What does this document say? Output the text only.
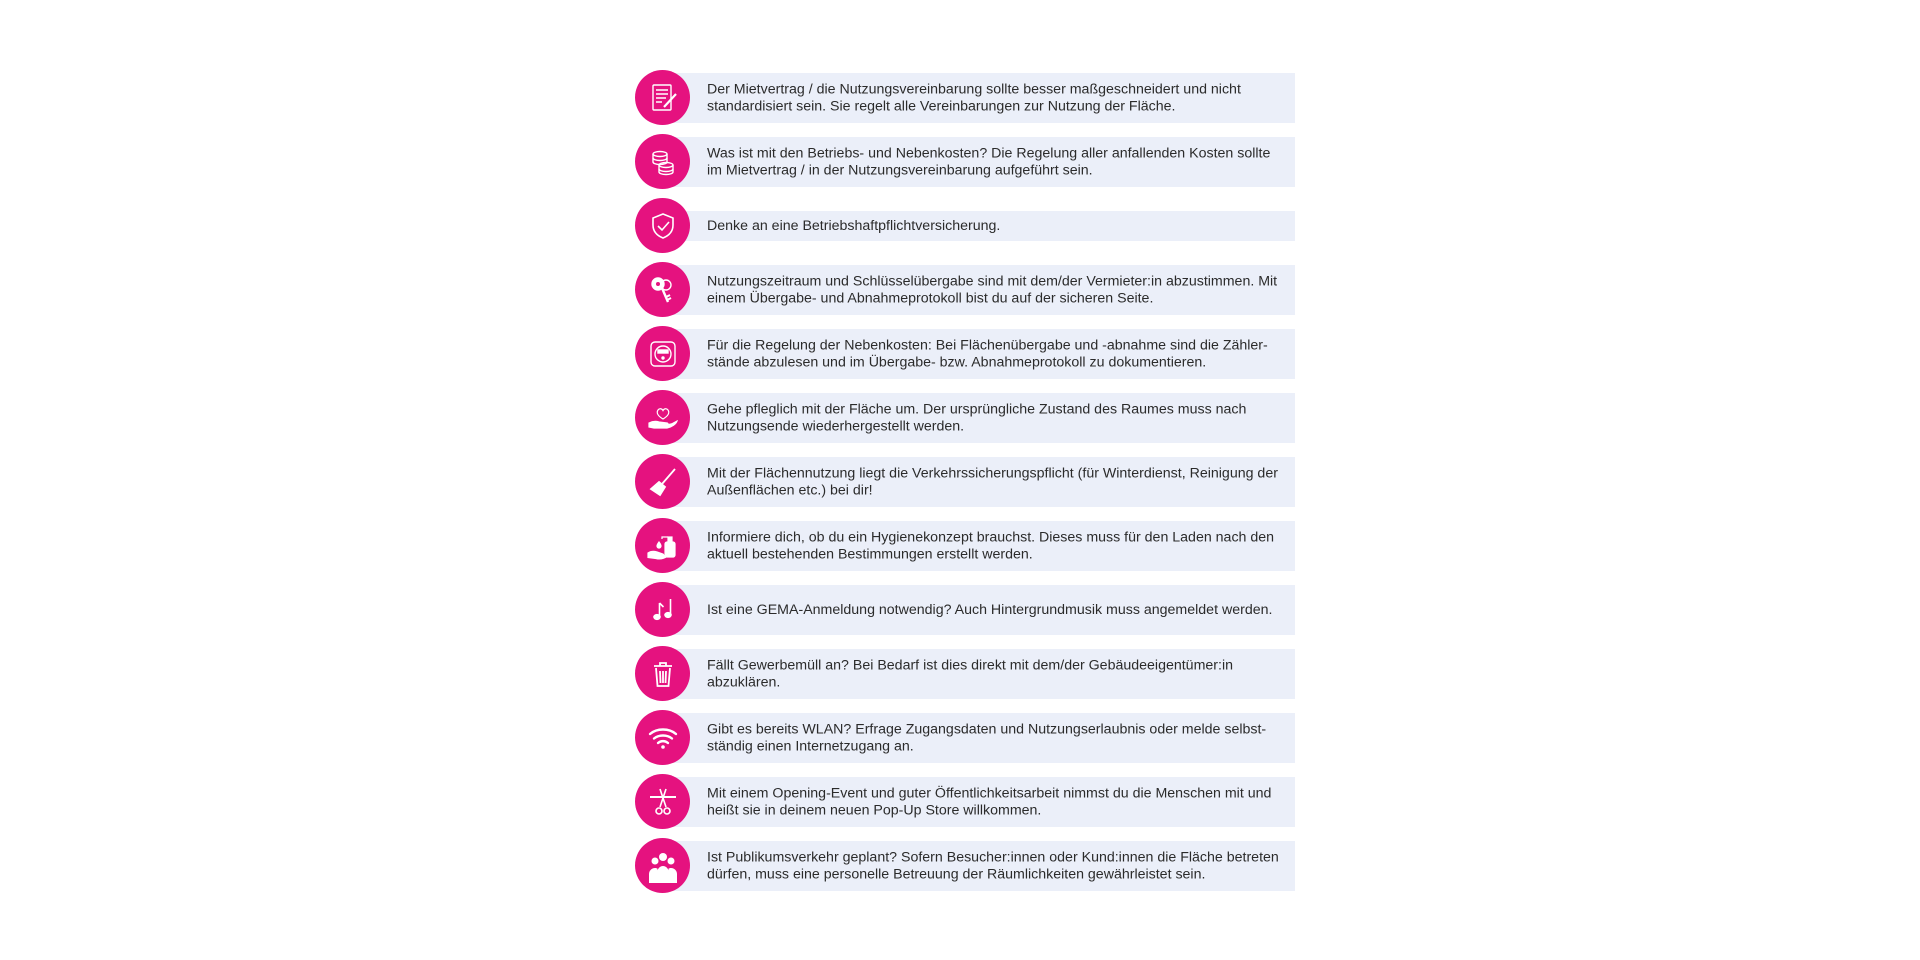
Der Mietvertrag / die Nutzungsvereinbarung sollte besser maßgeschneidert und nicht standardisiert sein. Sie regelt alle Vereinbarungen zur Nutzung der Fläche.
Was ist mit den Betriebs- und Nebenkosten? Die Regelung aller anfallenden Kosten sollte im Mietvertrag / in der Nutzungsvereinbarung aufgeführt sein.
Denke an eine Betriebshaftpflichtversicherung.
Nutzungszeitraum und Schlüsselübergabe sind mit dem/der Vermieter:in abzustimmen. Mit einem Übergabe- und Abnahmeprotokoll bist du auf der sicheren Seite.
Für die Regelung der Nebenkosten: Bei Flächenübergabe und -abnahme sind die Zähler- stände abzulesen und im Übergabe- bzw. Abnahmeprotokoll zu dokumentieren.
Gehe pfleglich mit der Fläche um. Der ursprüngliche Zustand des Raumes muss nach Nutzungsende wiederhergestellt werden.
Mit der Flächennutzung liegt die Verkehrssicherungspflicht (für Winterdienst, Reinigung der Außenflächen etc.) bei dir!
Informiere dich, ob du ein Hygienekonzept brauchst. Dieses muss für den Laden nach den aktuell bestehenden Bestimmungen erstellt werden.
Ist eine GEMA-Anmeldung notwendig? Auch Hintergrundmusik muss angemeldet werden.
Fällt Gewerbemüll an? Bei Bedarf ist dies direkt mit dem/der Gebäudeeigentümer:in abzuklären.
Gibt es bereits WLAN? Erfrage Zugangsdaten und Nutzungserlaubnis oder melde selbst- ständig einen Internetzugang an.
Mit einem Opening-Event und guter Öffentlichkeitsarbeit nimmst du die Menschen mit und heißt sie in deinem neuen Pop-Up Store willkommen.
Ist Publikumsverkehr geplant? Sofern Besucher:innen oder Kund:innen die Fläche betreten dürfen, muss eine personelle Betreuung der Räumlichkeiten gewährleistet sein.
